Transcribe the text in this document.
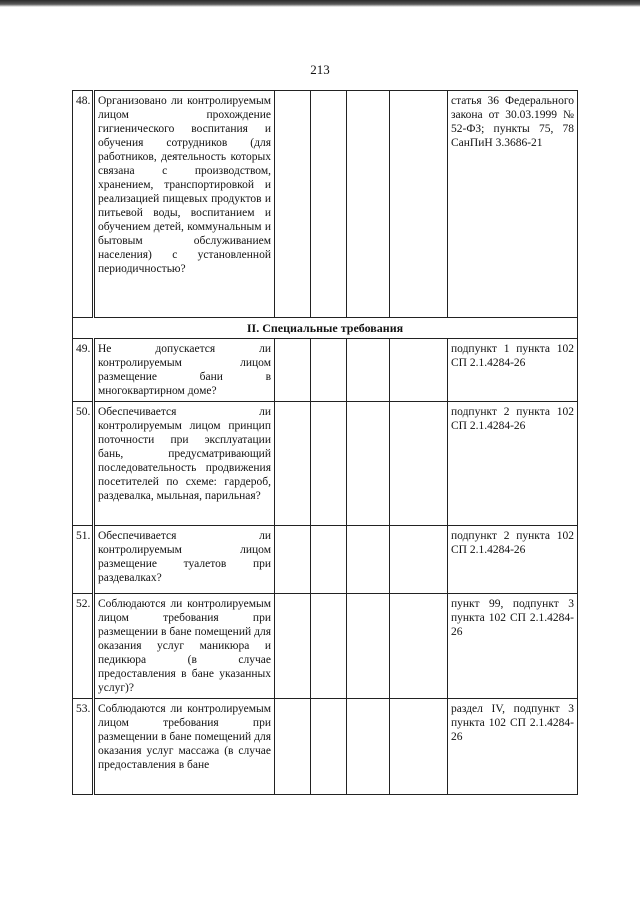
213
48.	Организовано ли контролируемым лицом прохождение гигиенического воспитания и обучения сотрудников (для работников, деятельность которых связана с производством, хранением, транспортировкой и реализацией пищевых продуктов и питьевой воды, воспитанием и обучением детей, коммунальным и бытовым обслуживанием населения) с установленной периодичностью?					статья 36 Федерального закона от 30.03.1999 № 52-ФЗ; пункты 75, 78 СанПиН 3.3686-21
II. Специальные требования						
49.	Не допускается ли контролируемым лицом размещение бани в многоквартирном доме?					подпункт 1 пункта 102 СП 2.1.4284-26
50.	Обеспечивается ли контролируемым лицом принцип поточности при эксплуатации бань, предусматривающий последовательность продвижения посетителей по схеме: гардероб, раздевалка, мыльная, парильная?					подпункт 2 пункта 102 СП 2.1.4284-26
51.	Обеспечивается ли контролируемым лицом размещение туалетов при раздевалках?					подпункт 2 пункта 102 СП 2.1.4284-26
52.	Соблюдаются ли контролируемым лицом требования при размещении в бане помещений для оказания услуг маникюра и педикюра (в случае предоставления в бане указанных услуг)?					пункт 99, подпункт 3 пункта 102 СП 2.1.4284-26
53.	Соблюдаются ли контролируемым лицом требования при размещении в бане помещений для оказания услуг массажа (в случае предоставления в бане					раздел IV, подпункт 3 пункта 102 СП 2.1.4284-26
